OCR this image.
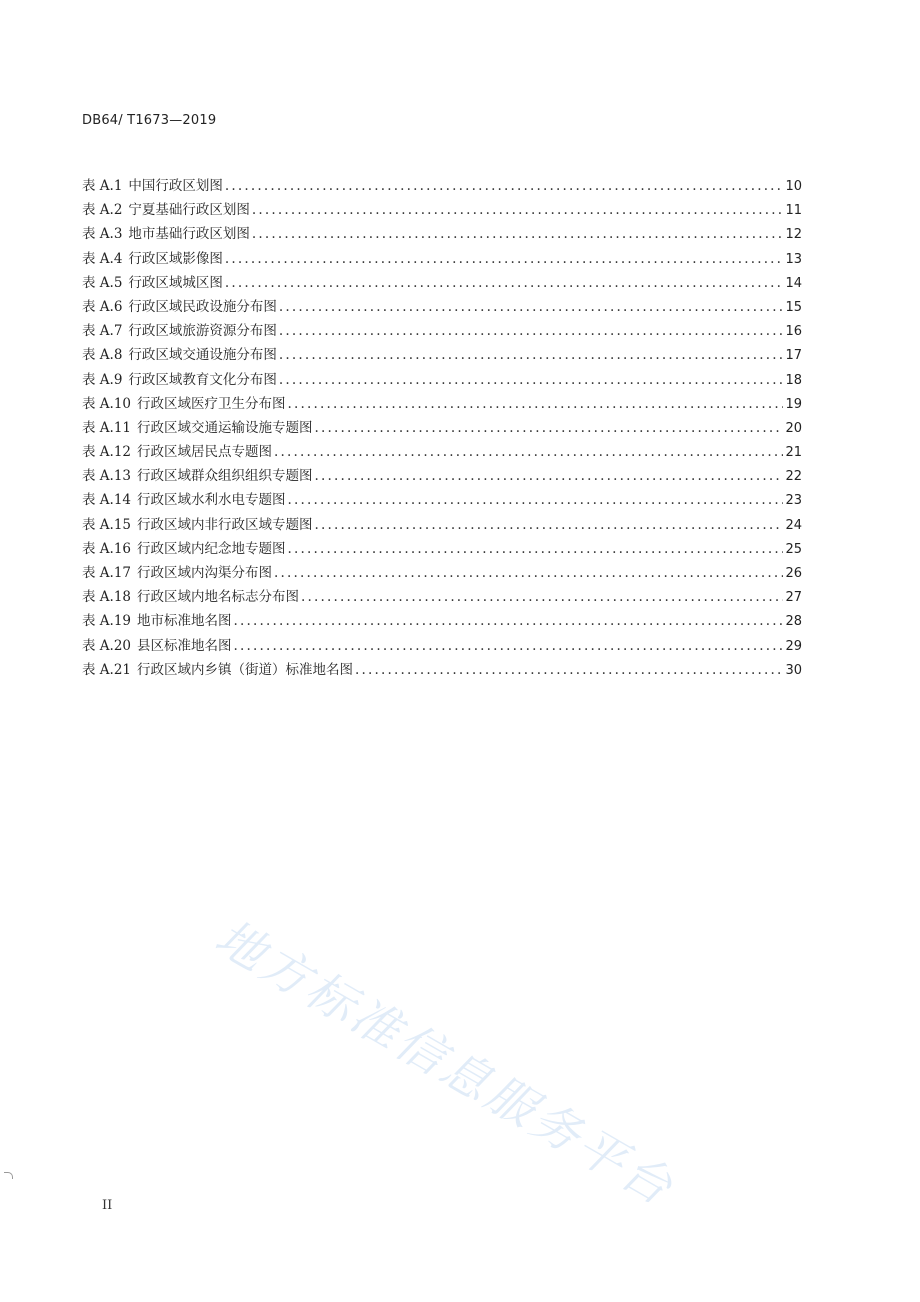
DB64/ T1673—2019
表 A.1 中国行政区划图 .....	10
表 A.2 宁夏基础行政区划图 .....	11
表 A.3 地市基础行政区划图 .....	12
表 A.4 行政区域影像图 .....	13
表 A.5 行政区域城区图 .....	14
表 A.6 行政区域民政设施分布图 .....	15
表 A.7 行政区域旅游资源分布图 .....	16
表 A.8 行政区域交通设施分布图 .....	17
表 A.9 行政区域教育文化分布图 .....	18
表 A.10 行政区域医疗卫生分布图 .....	19
表 A.11 行政区域交通运输设施专题图 .....	20
表 A.12 行政区域居民点专题图 .....	21
表 A.13 行政区域群众组织组织专题图 .....	22
表 A.14 行政区域水利水电专题图 .....	23
表 A.15 行政区域内非行政区域专题图 .....	24
表 A.16 行政区域内纪念地专题图 .....	25
表 A.17 行政区域内沟渠分布图 .....	26
表 A.18 行政区域内地名标志分布图 .....	27
表 A.19 地市标准地名图 .....	28
表 A.20 县区标准地名图 .....	29
表 A.21 行政区域内乡镇（街道）标准地名图 .....	30
地方标准信息服务平台
II
